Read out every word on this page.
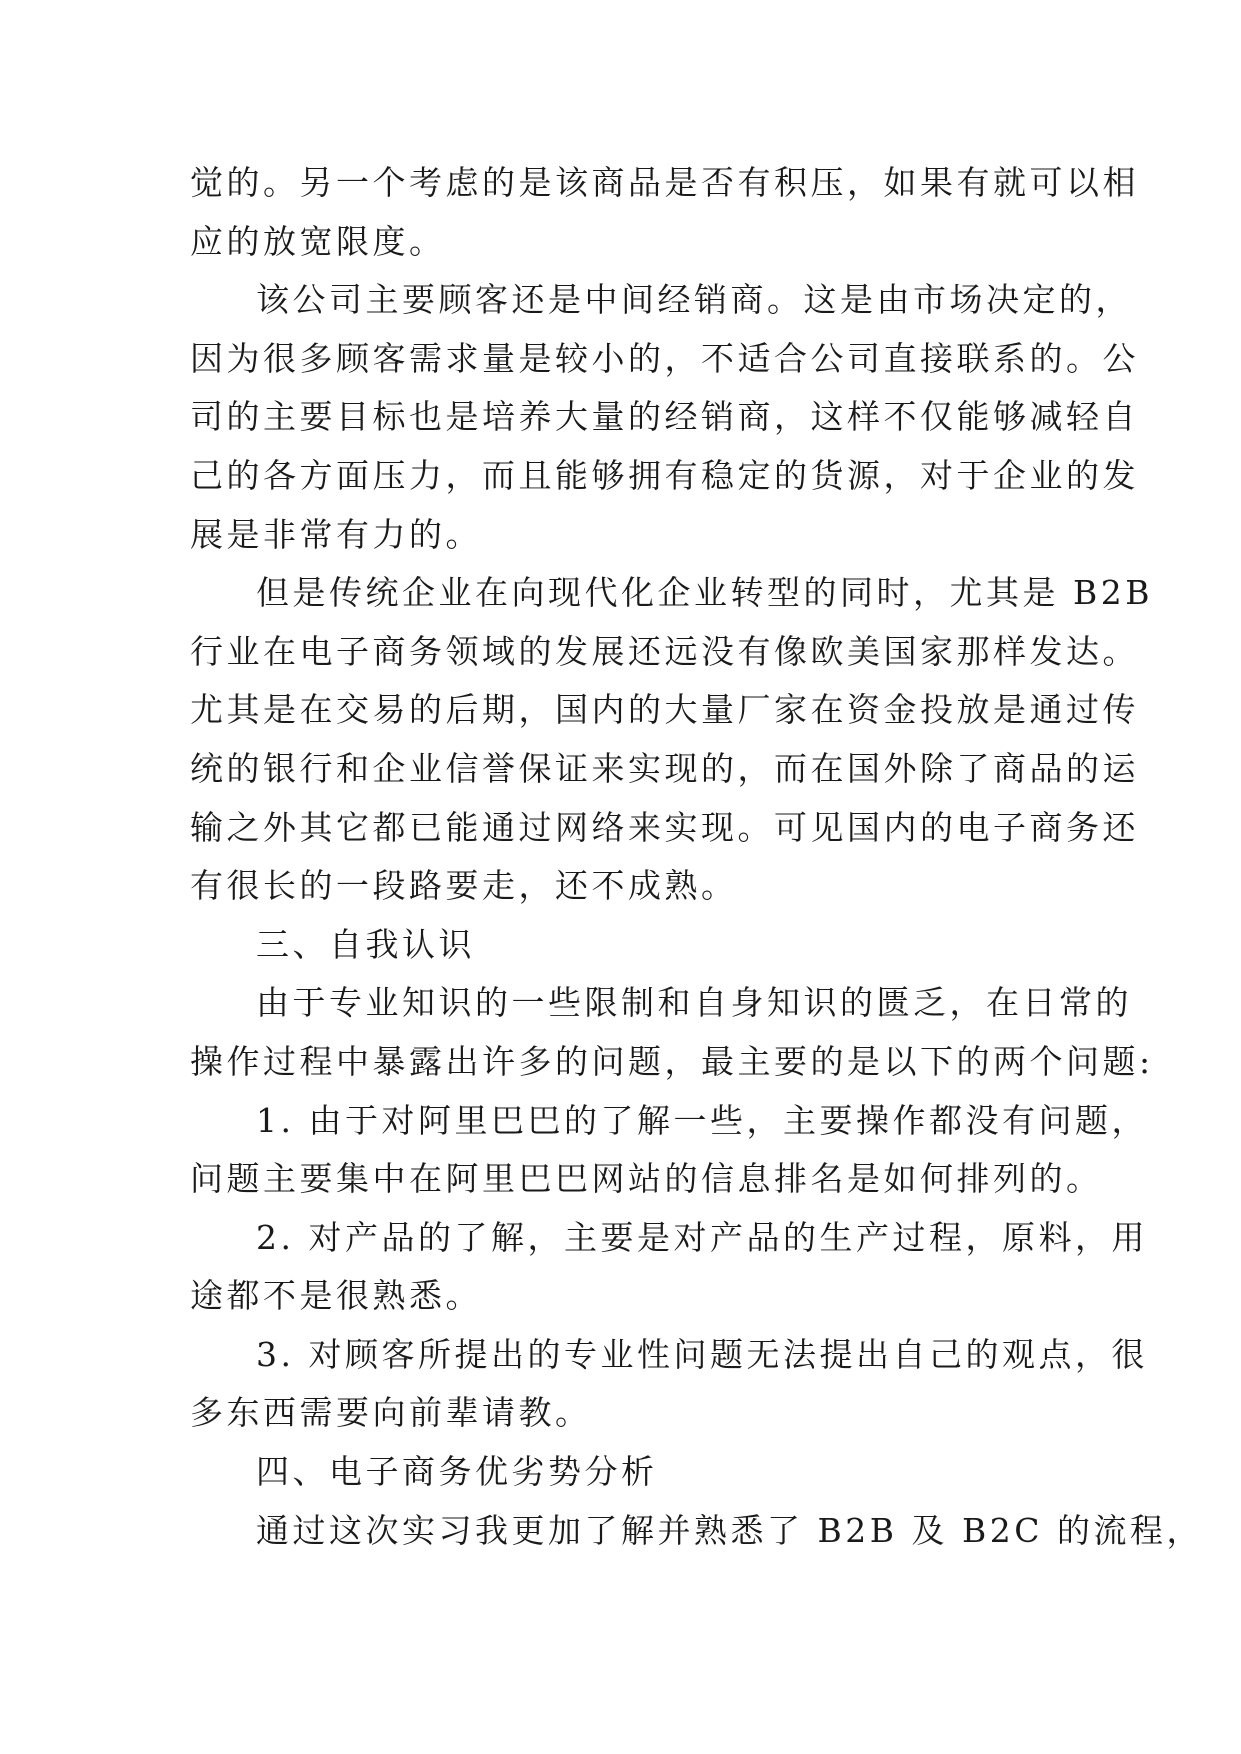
觉的。另一个考虑的是该商品是否有积压，如果有就可以相
应的放宽限度。
该公司主要顾客还是中间经销商。这是由市场决定的，
因为很多顾客需求量是较小的，不适合公司直接联系的。公
司的主要目标也是培养大量的经销商，这样不仅能够减轻自
己的各方面压力，而且能够拥有稳定的货源，对于企业的发
展是非常有力的。
但是传统企业在向现代化企业转型的同时，尤其是 B2B
行业在电子商务领域的发展还远没有像欧美国家那样发达。
尤其是在交易的后期，国内的大量厂家在资金投放是通过传
统的银行和企业信誉保证来实现的，而在国外除了商品的运
输之外其它都已能通过网络来实现。可见国内的电子商务还
有很长的一段路要走，还不成熟。
三、自我认识
由于专业知识的一些限制和自身知识的匮乏，在日常的
操作过程中暴露出许多的问题，最主要的是以下的两个问题:
1. 由于对阿里巴巴的了解一些，主要操作都没有问题，
问题主要集中在阿里巴巴网站的信息排名是如何排列的。
2. 对产品的了解，主要是对产品的生产过程，原料，用
途都不是很熟悉。
3. 对顾客所提出的专业性问题无法提出自己的观点，很
多东西需要向前辈请教。
四、电子商务优劣势分析
通过这次实习我更加了解并熟悉了 B2B 及 B2C 的流程，
